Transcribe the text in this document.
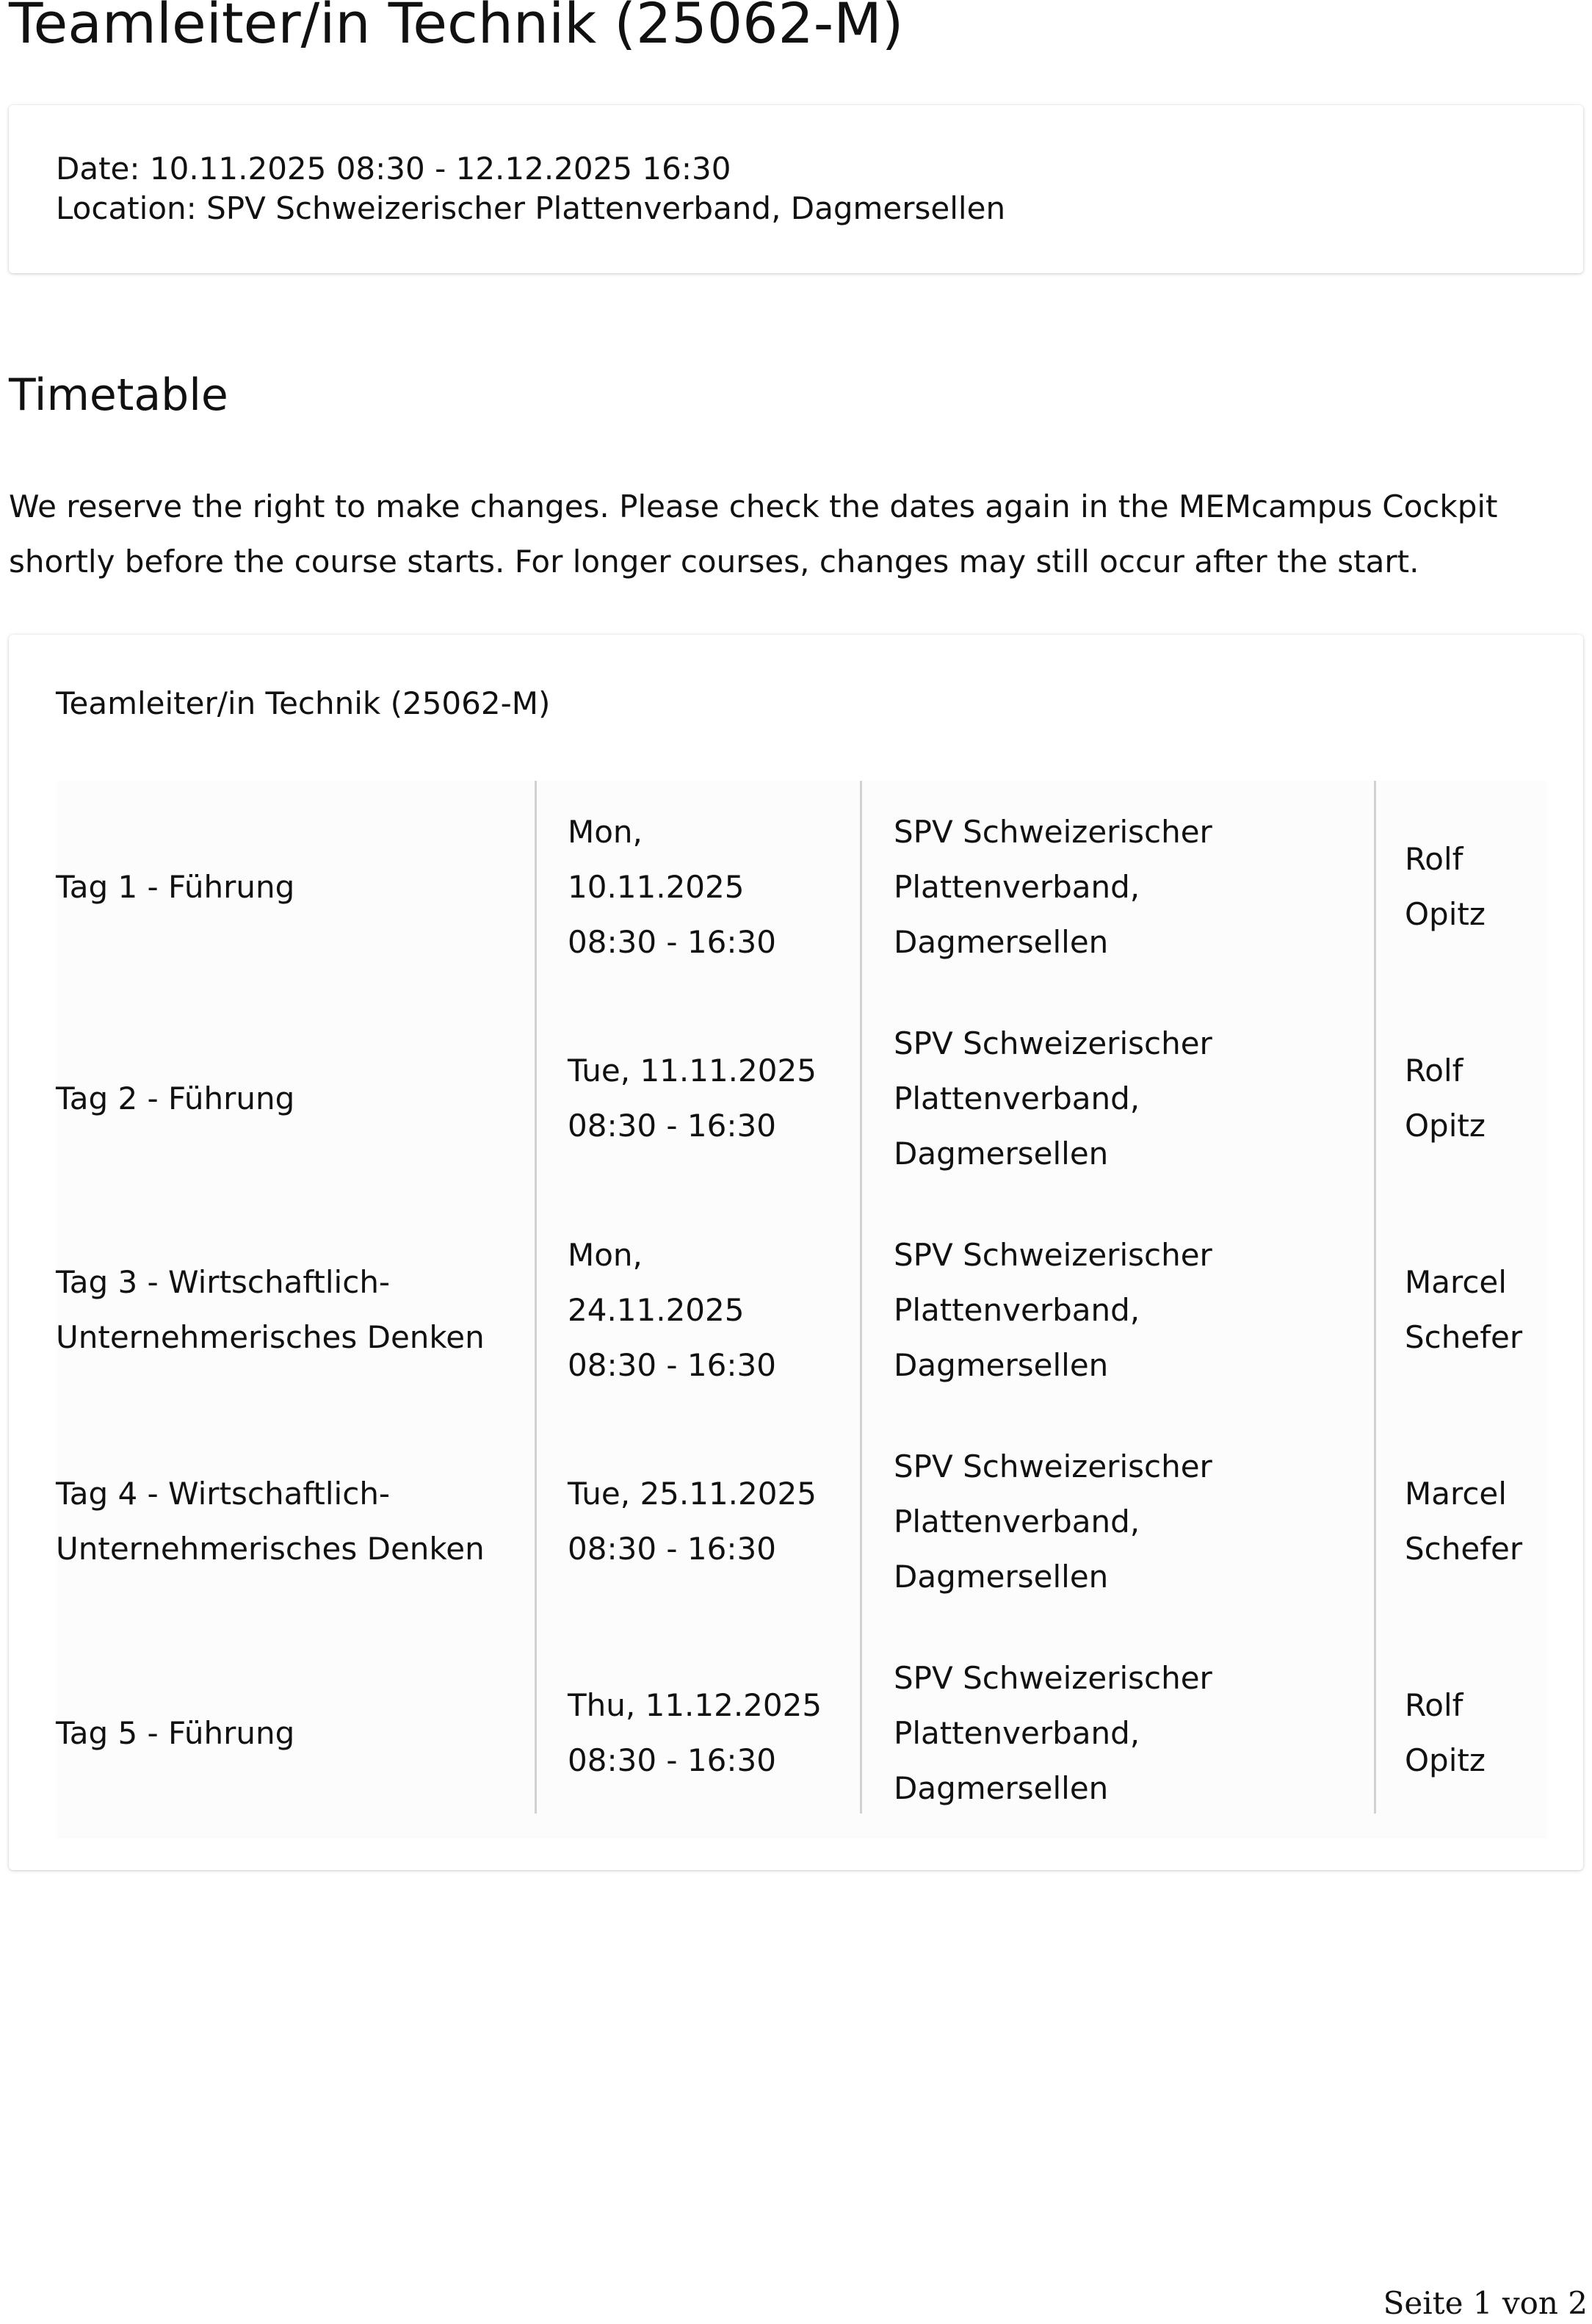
Teamleiter/in Technik (25062-M)
Date: 10.11.2025 08:30 - 12.12.2025 16:30
Location: SPV Schweizerischer Plattenverband, Dagmersellen
Timetable

We reserve the right to make changes. Please check the dates again in the MEMcampus Cockpit shortly before the course starts. For longer courses, changes may still occur after the start.

Teamleiter/in Technik (25062-M)
Tag 5 - Führung
Thu, 11.12.2025
08:30 - 16:30
SPV Schweizerischer
Plattenverband,
Dagmersellen
Rolf
Opitz
Tag 4 - Wirtschaftlich-
Unternehmerisches Denken
Tue, 25.11.2025
08:30 - 16:30
SPV Schweizerischer
Plattenverband,
Dagmersellen
Marcel
Schefer
Tag 3 - Wirtschaftlich-
Unternehmerisches Denken
Mon,
24.11.2025
08:30 - 16:30
SPV Schweizerischer
Plattenverband,
Dagmersellen
Marcel
Schefer
Tag 2 - Führung
Tue, 11.11.2025
08:30 - 16:30
SPV Schweizerischer
Plattenverband,
Dagmersellen
Rolf
Opitz
Tag 1 - Führung
Mon,
10.11.2025
08:30 - 16:30
SPV Schweizerischer
Plattenverband,
Dagmersellen
Rolf
Opitz
Seite 1 von 2
